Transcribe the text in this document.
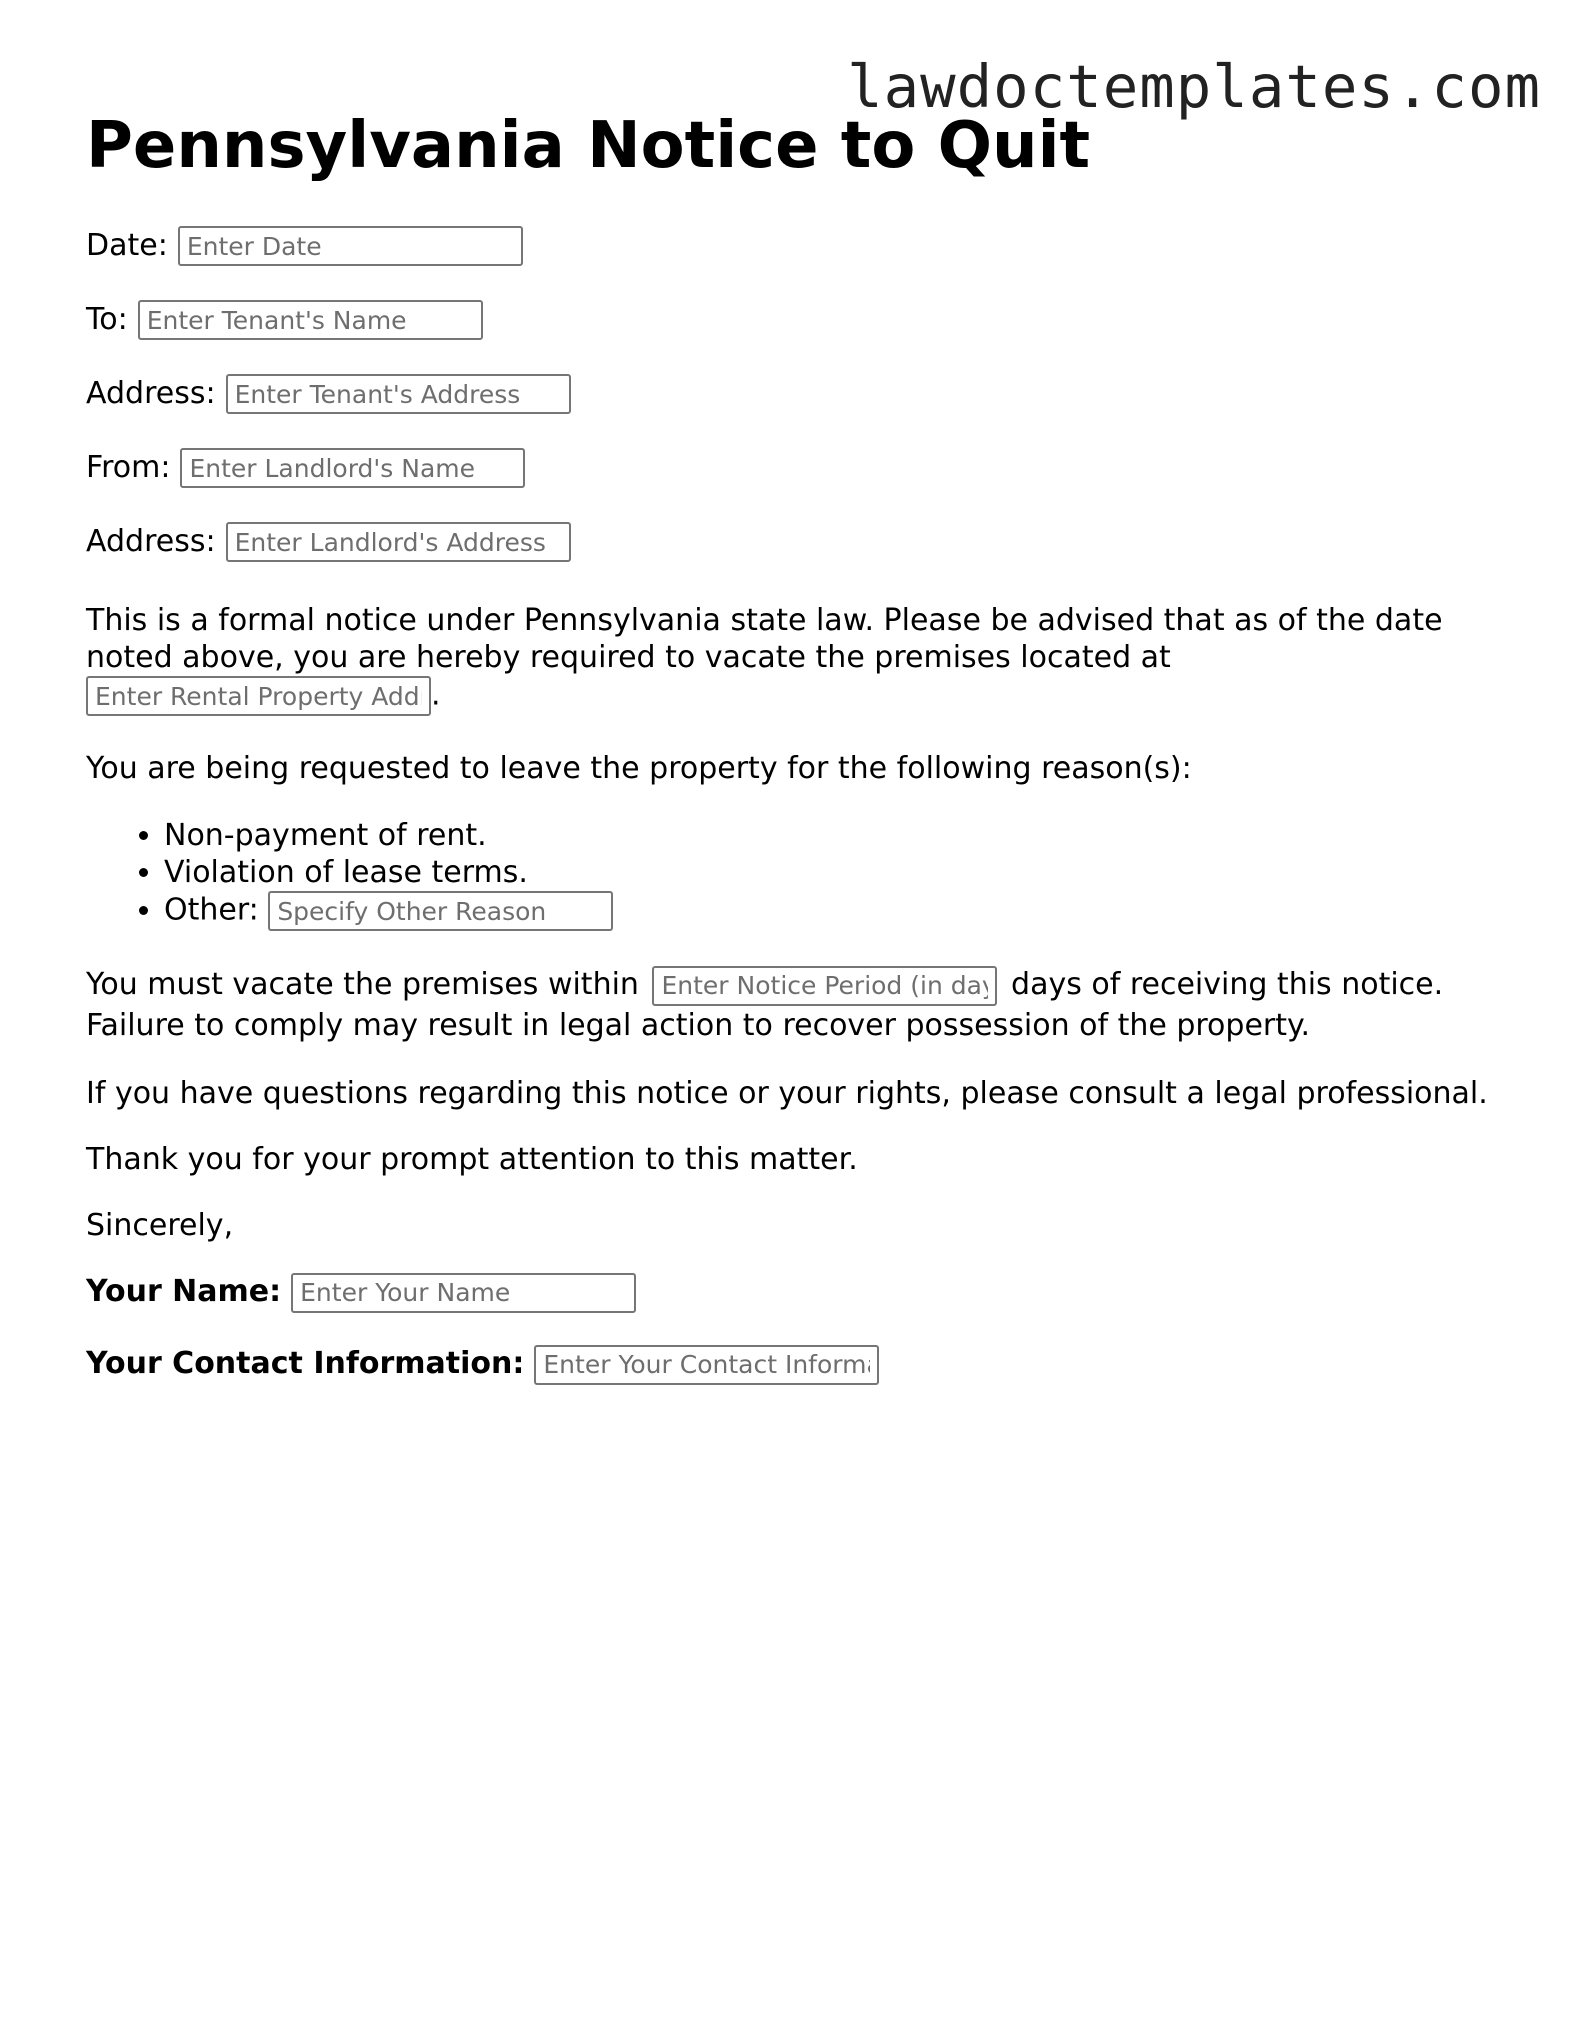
lawdoctemplates.com
Pennsylvania Notice to Quit
Date:Enter Date
To:Enter Tenant's Name
Address:Enter Tenant's Address
From:Enter Landlord's Name
Address:Enter Landlord's Address

This is a formal notice under Pennsylvania state law. Please be advised that as of the date noted above, you are hereby required to vacate the premises located at
Enter Rental Property Address.

You are being requested to leave the property for the following reason(s):

• Non-payment of rent.
• Violation of lease terms.
• Other: Specify Other Reason

You must vacate the premises within Enter Notice Period (in days)	days of receiving this notice. Failure to comply may result in legal action to recover possession of the property.

If you have questions regarding this notice or your rights, please consult a legal professional.

Thank you for your prompt attention to this matter.

Sincerely,

Your Name:Enter Your Name
Your Contact Information:Enter Your Contact Information
